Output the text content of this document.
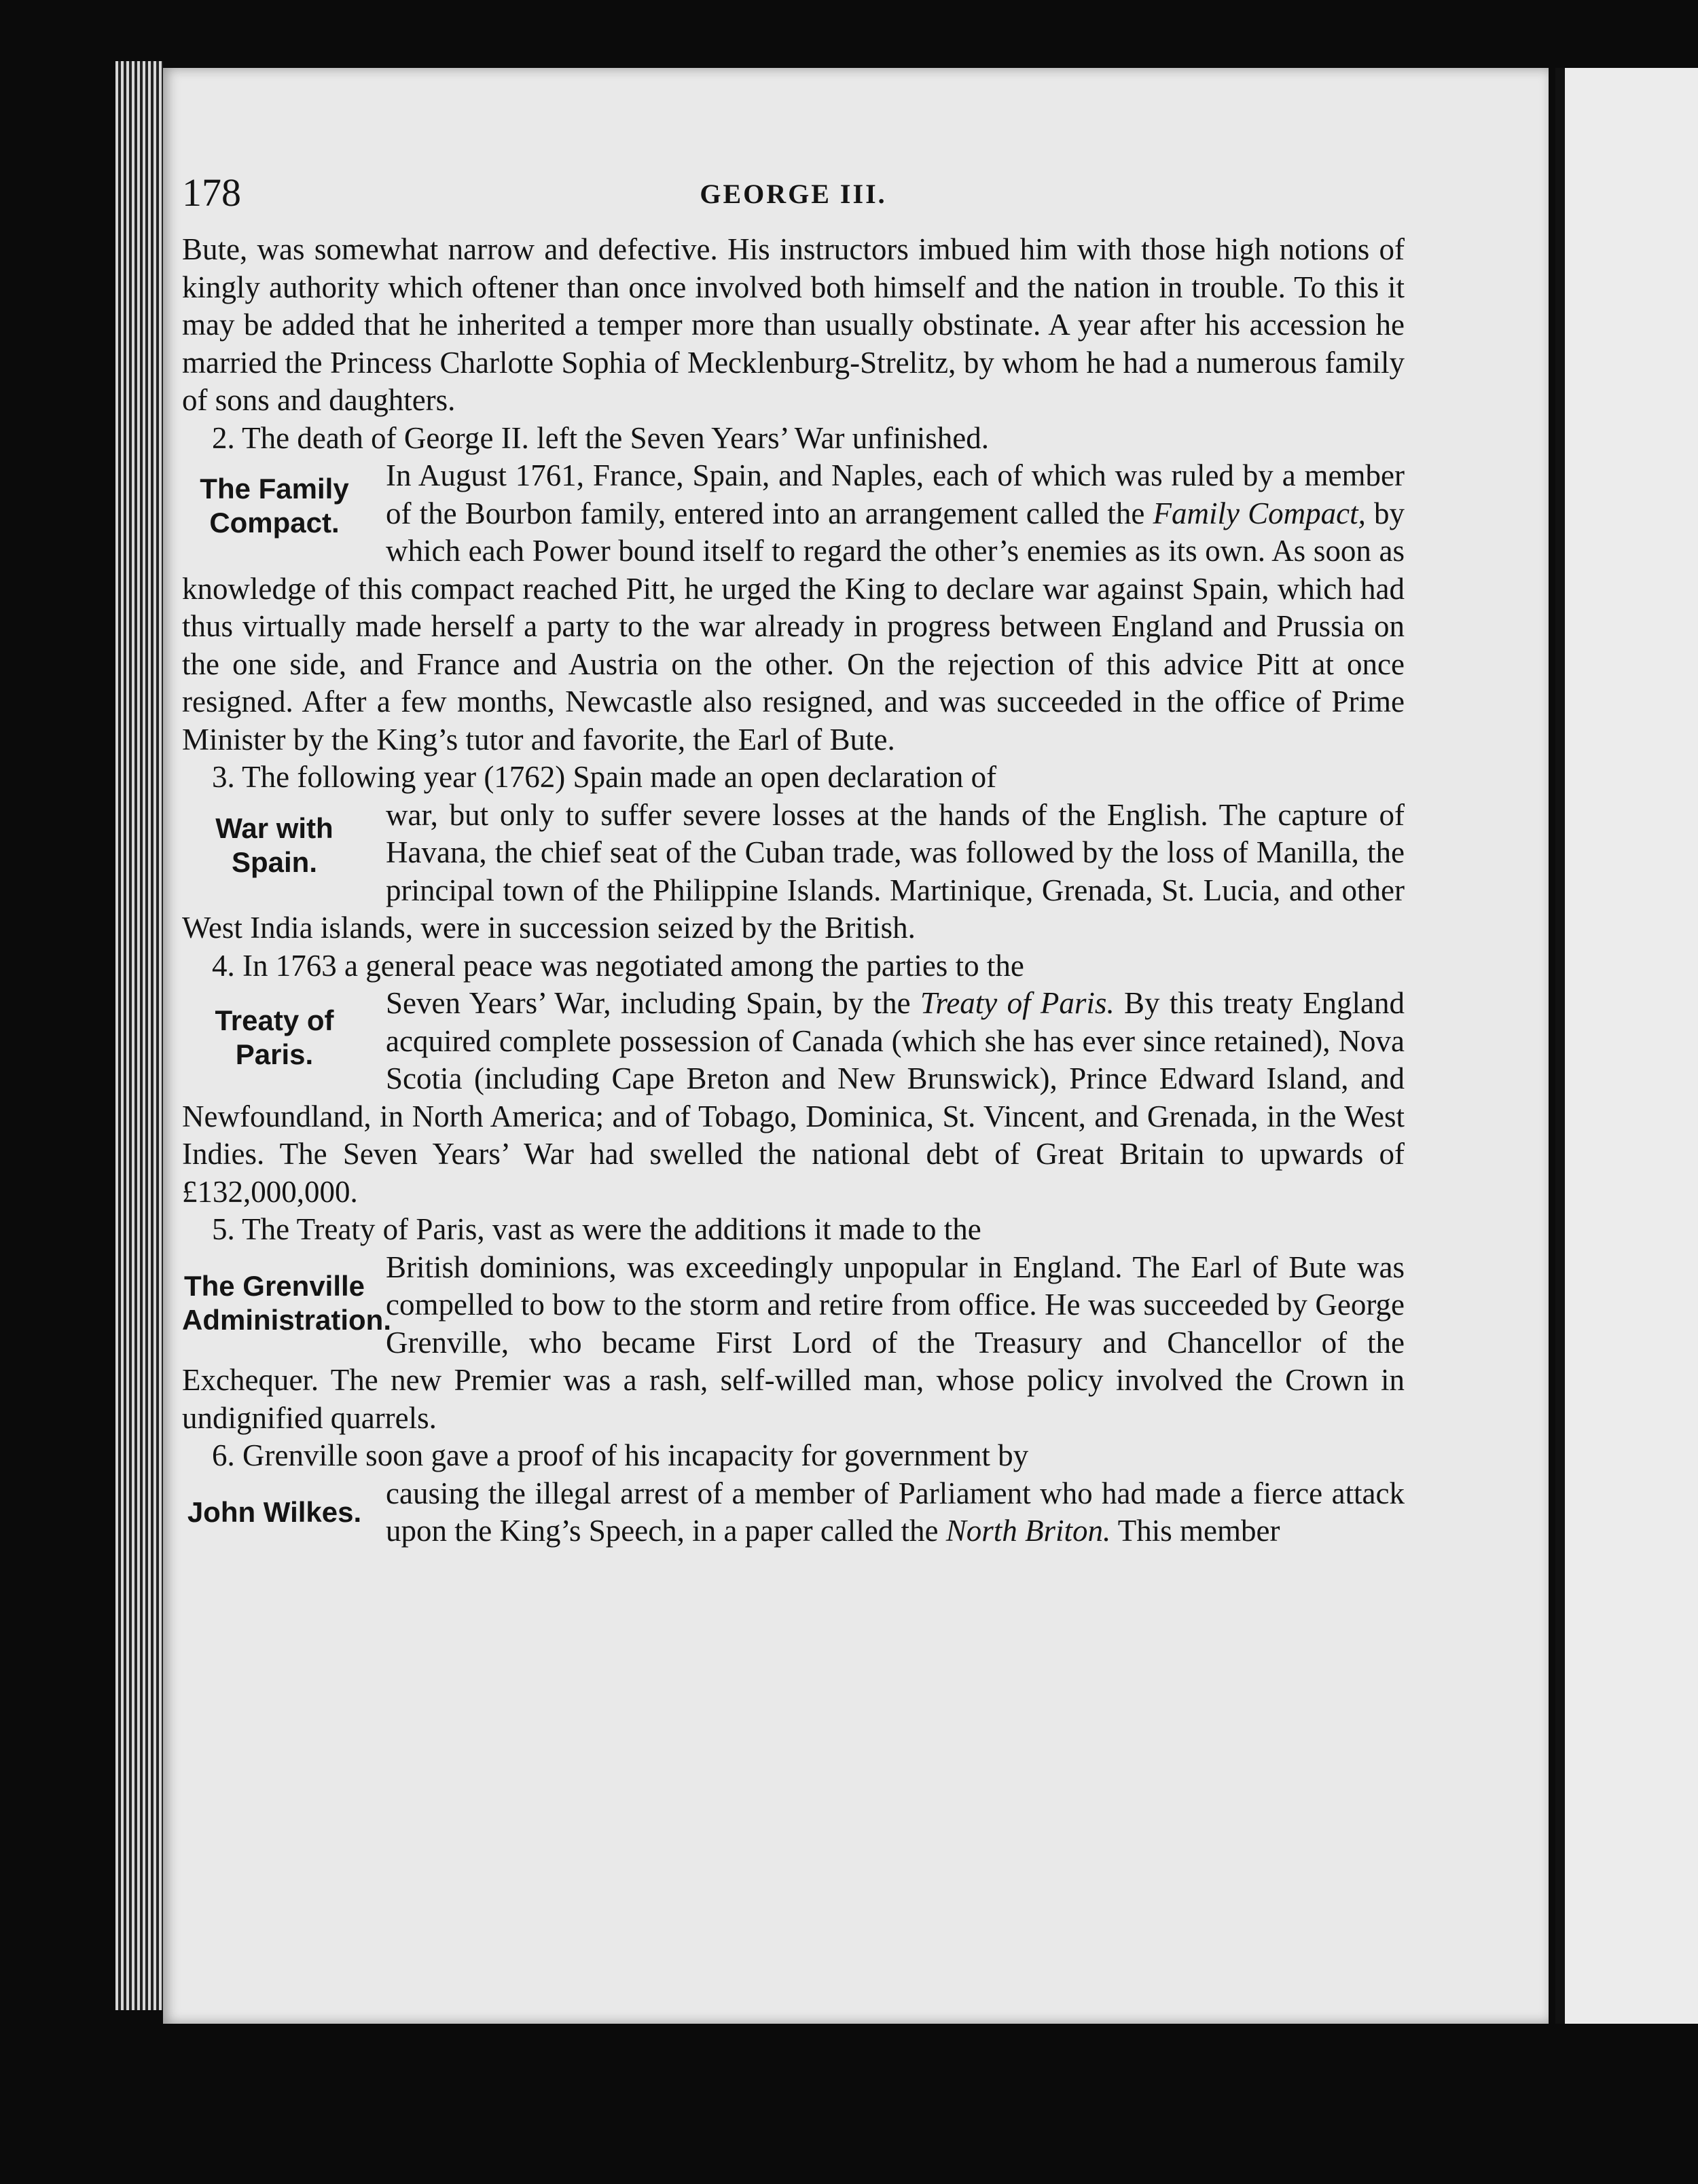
178	GEORGE III.

Bute, was somewhat narrow and defective. His instructors imbued him with those high notions of kingly authority which oftener than once involved both himself and the nation in trouble. To this it may be added that he inherited a temper more than usually obstinate. A year after his accession he married the Princess Charlotte Sophia of Mecklenburg-Strelitz, by whom he had a numerous family of sons and daughters.

2. The death of George II. left the Seven Years’ War unfinished.

The Family Compact.

In August 1761, France, Spain, and Naples, each of which was ruled by a member of the Bourbon family, entered into an arrangement called the Family Compact, by which each Power bound itself to regard the other’s enemies as its own. As soon as knowledge of this compact reached Pitt, he urged the King to declare war against Spain, which had thus virtually made herself a party to the war already in progress between England and Prussia on the one side, and France and Austria on the other. On the rejection of this advice Pitt at once resigned. After a few months, Newcastle also resigned, and was succeeded in the office of Prime Minister by the King’s tutor and favorite, the Earl of Bute.

3. The following year (1762) Spain made an open declaration of

War with Spain.

war, but only to suffer severe losses at the hands of the English. The capture of Havana, the chief seat of the Cuban trade, was followed by the loss of Manilla, the principal town of the Philippine Islands. Martinique, Grenada, St. Lucia, and other West India islands, were in succession seized by the British.

4. In 1763 a general peace was negotiated among the parties to the

Treaty of Paris.

Seven Years’ War, including Spain, by the Treaty of Paris. By this treaty England acquired complete possession of Canada (which she has ever since retained), Nova Scotia (including Cape Breton and New Brunswick), Prince Edward Island, and Newfoundland, in North America; and of Tobago, Dominica, St. Vincent, and Grenada, in the West Indies. The Seven Years’ War had swelled the national debt of Great Britain to upwards of £132,000,000.

5. The Treaty of Paris, vast as were the additions it made to the

The Grenville Administration.

British dominions, was exceedingly unpopular in England. The Earl of Bute was compelled to bow to the storm and retire from office. He was succeeded by George Grenville, who became First Lord of the Treasury and Chancellor of the Exchequer. The new Premier was a rash, self-willed man, whose policy involved the Crown in undignified quarrels.

6. Grenville soon gave a proof of his incapacity for government by

John Wilkes.

causing the illegal arrest of a member of Parliament who had made a fierce attack upon the King’s Speech, in a paper called the North Briton. This member
